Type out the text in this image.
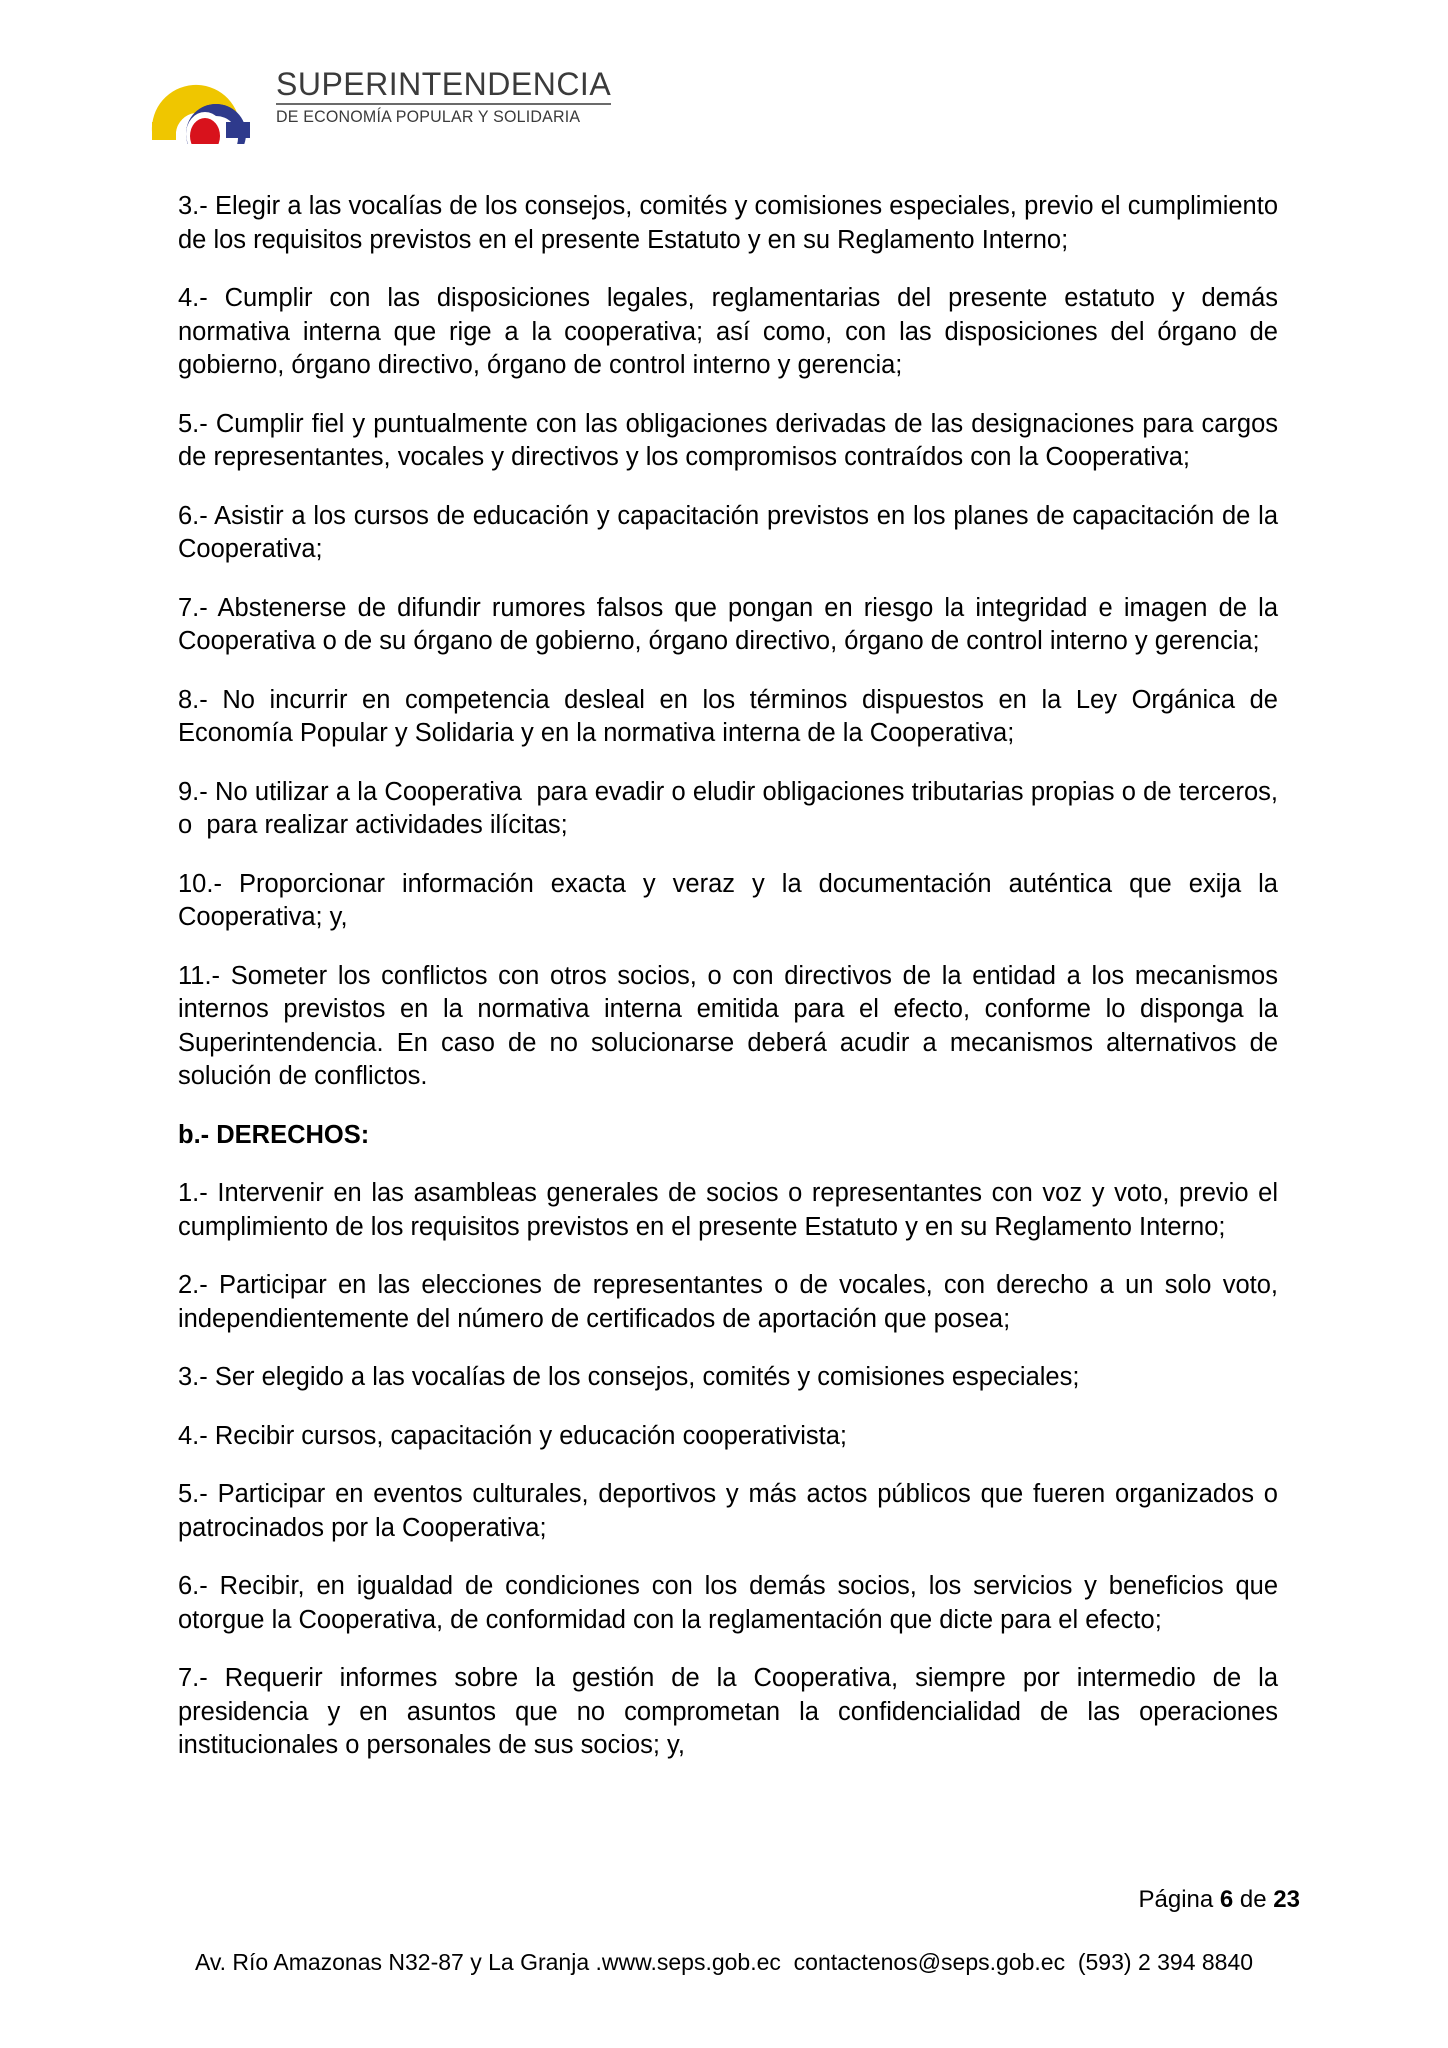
SUPERINTENDENCIA
DE ECONOMÍA POPULAR Y SOLIDARIA

3.- Elegir a las vocalías de los consejos, comités y comisiones especiales, previo el cumplimiento de los requisitos previstos en el presente Estatuto y en su Reglamento Interno;

4.- Cumplir con las disposiciones legales, reglamentarias del presente estatuto y demás normativa interna que rige a la cooperativa; así como, con las disposiciones del órgano de gobierno, órgano directivo, órgano de control interno y gerencia;

5.- Cumplir fiel y puntualmente con las obligaciones derivadas de las designaciones para cargos de representantes, vocales y directivos y los compromisos contraídos con la Cooperativa;

6.- Asistir a los cursos de educación y capacitación previstos en los planes de capacitación de la Cooperativa;

7.- Abstenerse de difundir rumores falsos que pongan en riesgo la integridad e imagen de la Cooperativa o de su órgano de gobierno, órgano directivo, órgano de control interno y gerencia;

8.- No incurrir en competencia desleal en los términos dispuestos en la Ley Orgánica de Economía Popular y Solidaria y en la normativa interna de la Cooperativa;

9.- No utilizar a la Cooperativa  para evadir o eludir obligaciones tributarias propias o de terceros, o  para realizar actividades ilícitas;

10.- Proporcionar información exacta y veraz y la documentación auténtica que exija la Cooperativa; y,

11.- Someter los conflictos con otros socios, o con directivos de la entidad a los mecanismos internos previstos en la normativa interna emitida para el efecto, conforme lo disponga la Superintendencia. En caso de no solucionarse deberá acudir a mecanismos alternativos de solución de conflictos.

b.- DERECHOS:

1.- Intervenir en las asambleas generales de socios o representantes con voz y voto, previo el cumplimiento de los requisitos previstos en el presente Estatuto y en su Reglamento Interno;

2.- Participar en las elecciones de representantes o de vocales, con derecho a un solo voto, independientemente del número de certificados de aportación que posea;

3.- Ser elegido a las vocalías de los consejos, comités y comisiones especiales;

4.- Recibir cursos, capacitación y educación cooperativista;

5.- Participar en eventos culturales, deportivos y más actos públicos que fueren organizados o patrocinados por la Cooperativa;

6.- Recibir, en igualdad de condiciones con los demás socios, los servicios y beneficios que otorgue la Cooperativa, de conformidad con la reglamentación que dicte para el efecto;

7.- Requerir informes sobre la gestión de la Cooperativa, siempre por intermedio de la presidencia y en asuntos que no comprometan la confidencialidad de las operaciones institucionales o personales de sus socios; y,

Página 6 de 23
Av. Río Amazonas N32-87 y La Granja .www.seps.gob.ec  contactenos@seps.gob.ec  (593) 2 394 8840
